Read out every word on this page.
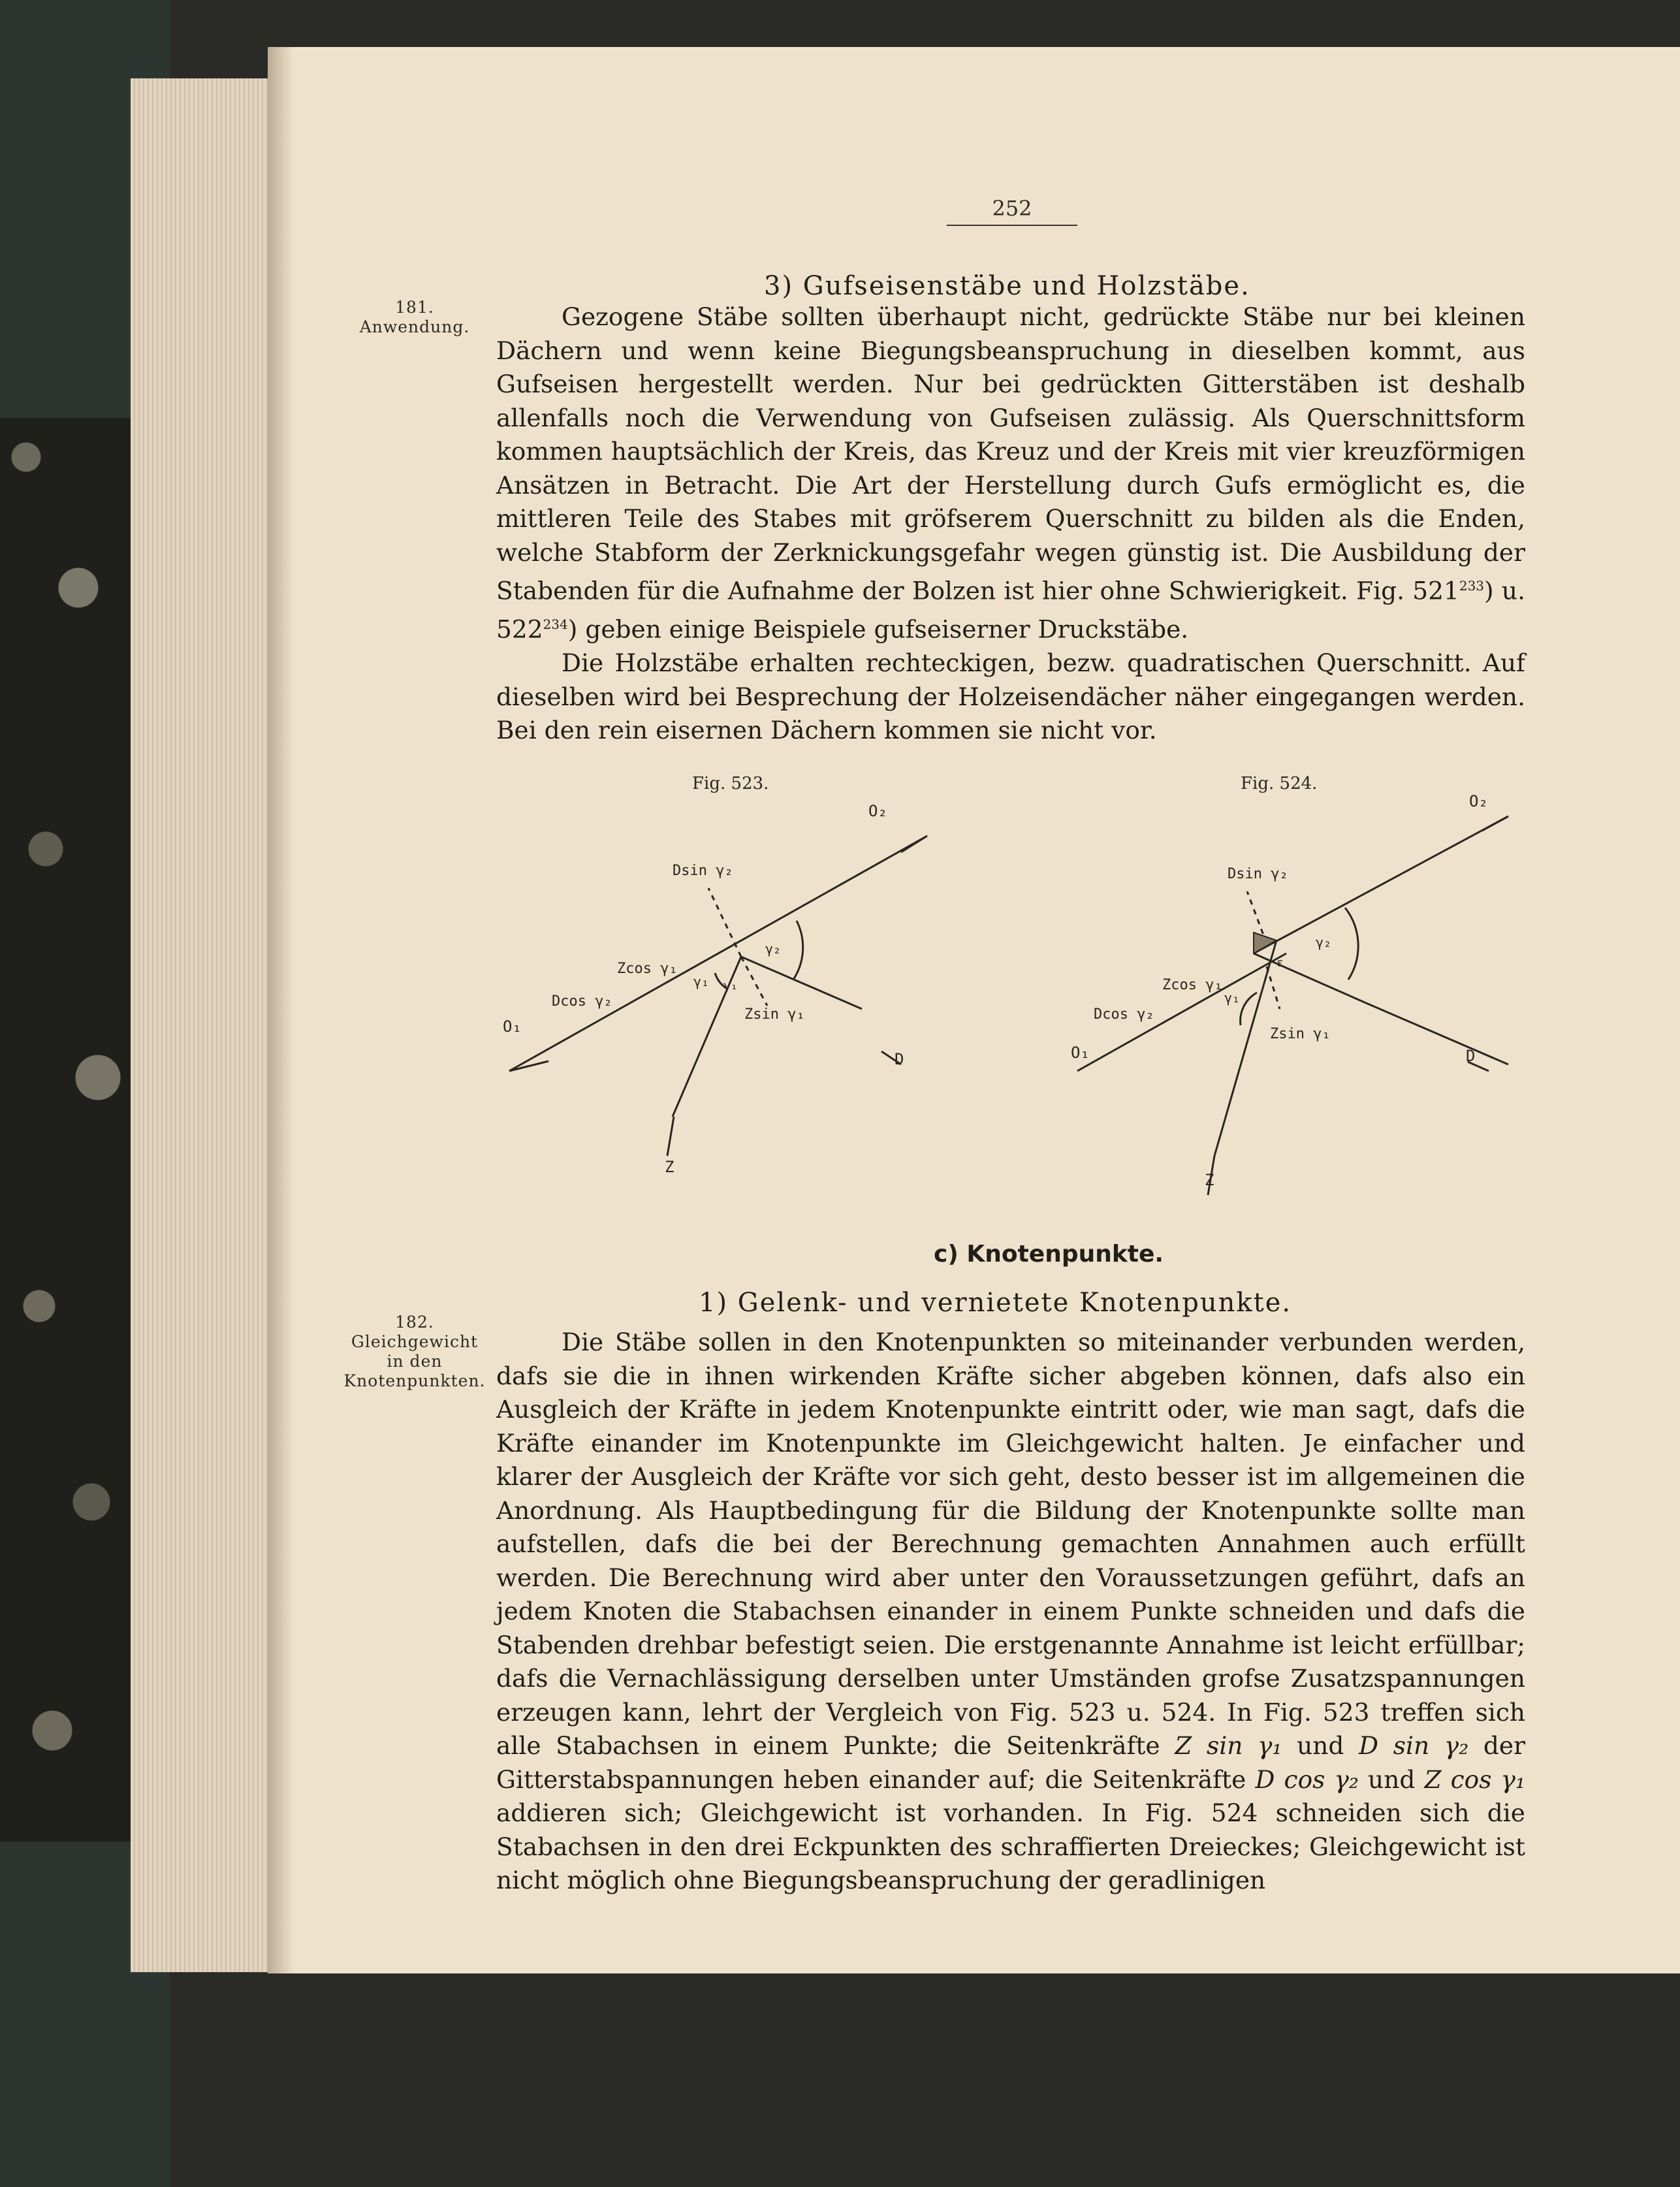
252
3) Gufseisenstäbe und Holzstäbe.
181.
Anwendung.	Gezogene Stäbe sollten überhaupt nicht, gedrückte Stäbe nur bei kleinen Dächern und wenn keine Biegungsbeanspruchung in dieselben kommt, aus Gufseisen hergestellt werden. Nur bei gedrückten Gitterstäben ist deshalb allenfalls noch die Verwendung von Gufseisen zulässig. Als Querschnittsform kommen hauptsächlich der Kreis, das Kreuz und der Kreis mit vier kreuzförmigen Ansätzen in Betracht. Die Art der Herstellung durch Gufs ermöglicht es, die mittleren Teile des Stabes mit gröfserem Querschnitt zu bilden als die Enden, welche Stabform der Zerknickungsgefahr wegen günstig ist. Die Ausbildung der Stabenden für die Aufnahme der Bolzen ist hier ohne Schwierigkeit. Fig. $521^{233}$) u. $522^{234}$) geben einige Beispiele gufseiserner Druckstäbe.

Die Holzstäbe erhalten rechteckigen, bezw. quadratischen Querschnitt. Auf dieselben wird bei Besprechung der Holzeisendächer näher eingegangen werden. Bei den rein eisernen Dächern kommen sie nicht vor.

Fig. 523.
O₂
Dsin γ₂
Zcos γ₁
Dcos γ₂
O₁
Zsin γ₁
D
Z
γ₁ γ₁
γ₂
Fig. 524.
O₂
Dsin γ₂
Zcos γ₁
Dcos γ₂
O₁
Zsin γ₁
D
Z
γ₁
γ₂
ε
c) Knotenpunkte.
1) Gelenk- und vernietete Knotenpunkte.
182.
Gleichgewicht
in den
Knotenpunkten.

Die Stäbe sollen in den Knotenpunkten so miteinander verbunden werden, dafs sie die in ihnen wirkenden Kräfte sicher abgeben können, dafs also ein Ausgleich der Kräfte in jedem Knotenpunkte eintritt oder, wie man sagt, dafs die Kräfte einander im Knotenpunkte im Gleichgewicht halten. Je einfacher und klarer der Ausgleich der Kräfte vor sich geht, desto besser ist im allgemeinen die Anordnung. Als Hauptbedingung für die Bildung der Knotenpunkte sollte man aufstellen, dafs die bei der Berechnung gemachten Annahmen auch erfüllt werden. Die Berechnung wird aber unter den Voraussetzungen geführt, dafs an jedem Knoten die Stabachsen einander in einem Punkte schneiden und dafs die Stabenden drehbar befestigt seien. Die erstgenannte Annahme ist leicht erfüllbar; dafs die Vernachlässigung derselben unter Umständen grofse Zusatzspannungen erzeugen kann, lehrt der Vergleich von Fig. 523 u. 524. In Fig. 523 treffen sich alle Stabachsen in einem Punkte; die Seitenkräfte Z sin γ₁ und D sin γ₂ der Gitterstabspannungen heben einander auf; die Seitenkräfte D cos γ₂ und Z cos γ₁ addieren sich; Gleichgewicht ist vorhanden. In Fig. 524 schneiden sich die Stabachsen in den drei Eckpunkten des schraffierten Dreieckes; Gleichgewicht ist nicht möglich ohne Biegungsbeanspruchung der geradlinigen
